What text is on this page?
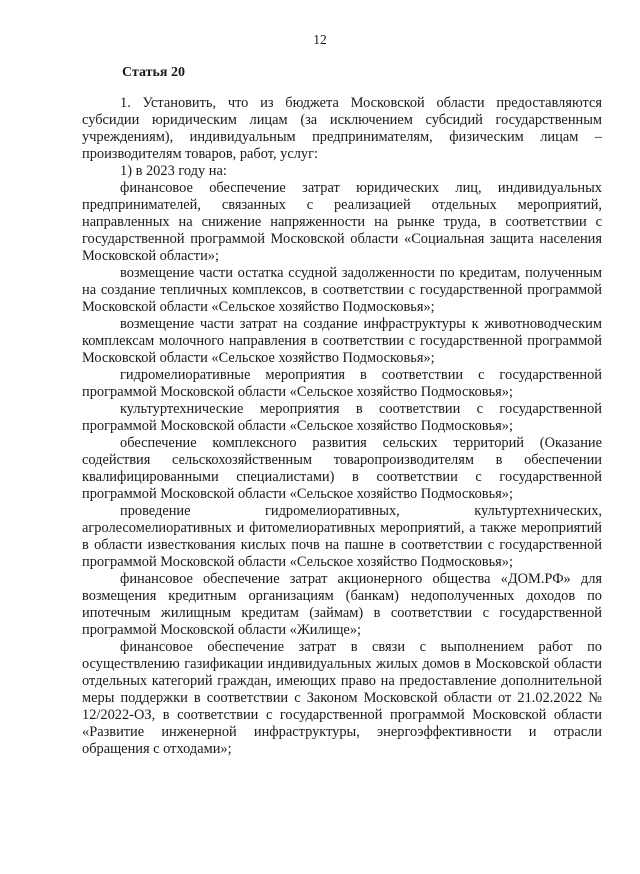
12
Статья 20

1. Установить, что из бюджета Московской области предоставляются субсидии юридическим лицам (за исключением субсидий государственным учреждениям), индивидуальным предпринимателям, физическим лицам – производителям товаров, работ, услуг:

1) в 2023 году на:

финансовое обеспечение затрат юридических лиц, индивидуальных предпринимателей, связанных с реализацией отдельных мероприятий, направленных на снижение напряженности на рынке труда, в соответствии с государственной программой Московской области «Социальная защита населения Московской области»;

возмещение части остатка ссудной задолженности по кредитам, полученным на создание тепличных комплексов, в соответствии с государственной программой Московской области «Сельское хозяйство Подмосковья»;

возмещение части затрат на создание инфраструктуры к животноводческим комплексам молочного направления в соответствии с государственной программой Московской области «Сельское хозяйство Подмосковья»;

гидромелиоративные мероприятия в соответствии с государственной программой Московской области «Сельское хозяйство Подмосковья»;

культуртехнические мероприятия в соответствии с государственной программой Московской области «Сельское хозяйство Подмосковья»;

обеспечение комплексного развития сельских территорий (Оказание содействия сельскохозяйственным товаропроизводителям в обеспечении квалифицированными специалистами) в соответствии с государственной программой Московской области «Сельское хозяйство Подмосковья»;

проведение гидромелиоративных, культуртехнических, агролесомелиоративных и фитомелиоративных мероприятий, а также мероприятий в области известкования кислых почв на пашне в соответствии с государственной программой Московской области «Сельское хозяйство Подмосковья»;

финансовое обеспечение затрат акционерного общества «ДОМ.РФ» для возмещения кредитным организациям (банкам) недополученных доходов по ипотечным жилищным кредитам (займам) в соответствии с государственной программой Московской области «Жилище»;

финансовое обеспечение затрат в связи с выполнением работ по осуществлению газификации индивидуальных жилых домов в Московской области отдельных категорий граждан, имеющих право на предоставление дополнительной меры поддержки в соответствии с Законом Московской области от 21.02.2022 № 12/2022-ОЗ, в соответствии с государственной программой Московской области «Развитие инженерной инфраструктуры, энергоэффективности и отрасли обращения с отходами»;
